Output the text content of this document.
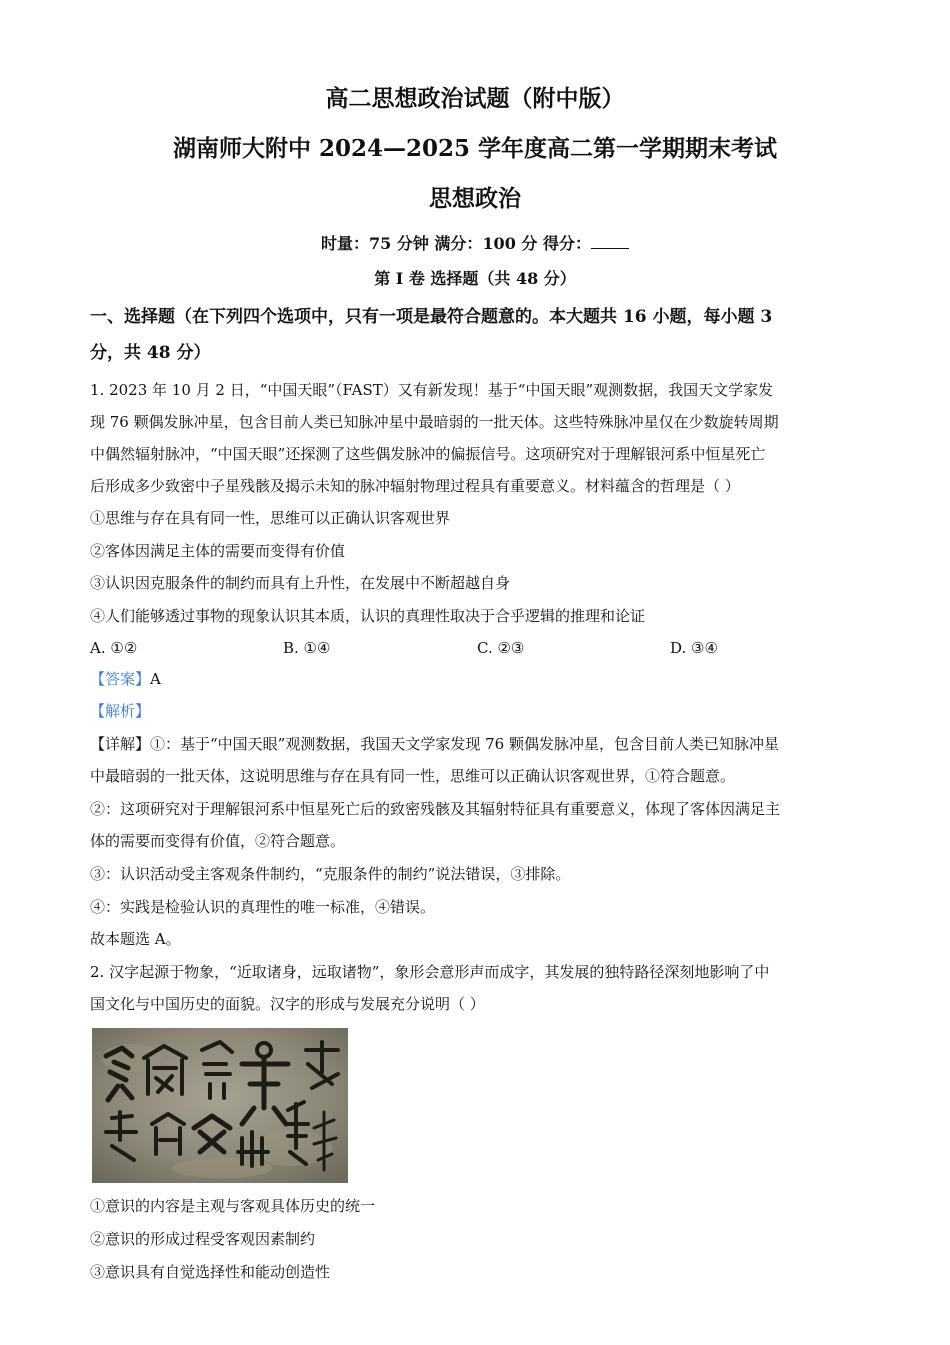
高二思想政治试题（附中版）
湖南师大附中 2024—2025 学年度高二第一学期期末考试
思想政治
时量：75 分钟 满分：100 分 得分：
第 I 卷 选择题（共 48 分）
一、选择题（在下列四个选项中，只有一项是最符合题意的。本大题共 16 小题，每小题 3
分，共 48 分）
1. 2023 年 10 月 2 日，“中国天眼”（FAST）又有新发现！基于“中国天眼”观测数据，我国天文学家发
现 76 颗偶发脉冲星，包含目前人类已知脉冲星中最暗弱的一批天体。这些特殊脉冲星仅在少数旋转周期
中偶然辐射脉冲，“中国天眼”还探测了这些偶发脉冲的偏振信号。这项研究对于理解银河系中恒星死亡
后形成多少致密中子星残骸及揭示未知的脉冲辐射物理过程具有重要意义。材料蕴含的哲理是（ ）
①思维与存在具有同一性，思维可以正确认识客观世界
②客体因满足主体的需要而变得有价值
③认识因克服条件的制约而具有上升性，在发展中不断超越自身
④人们能够透过事物的现象认识其本质，认识的真理性取决于合乎逻辑的推理和论证
A. ①②	B. ①④	C. ②③	D. ③④
【答案】A
【解析】
【详解】①：基于“中国天眼”观测数据，我国天文学家发现 76 颗偶发脉冲星，包含目前人类已知脉冲星
中最暗弱的一批天体，这说明思维与存在具有同一性，思维可以正确认识客观世界，①符合题意。
②：这项研究对于理解银河系中恒星死亡后的致密残骸及其辐射特征具有重要意义，体现了客体因满足主
体的需要而变得有价值，②符合题意。
③：认识活动受主客观条件制约，“克服条件的制约”说法错误，③排除。
④：实践是检验认识的真理性的唯一标准，④错误。
故本题选 A。
2. 汉字起源于物象，“近取诸身，远取诸物”，象形会意形声而成字，其发展的独特路径深刻地影响了中
国文化与中国历史的面貌。汉字的形成与发展充分说明（ ）
①意识的内容是主观与客观具体历史的统一
②意识的形成过程受客观因素制约
③意识具有自觉选择性和能动创造性
